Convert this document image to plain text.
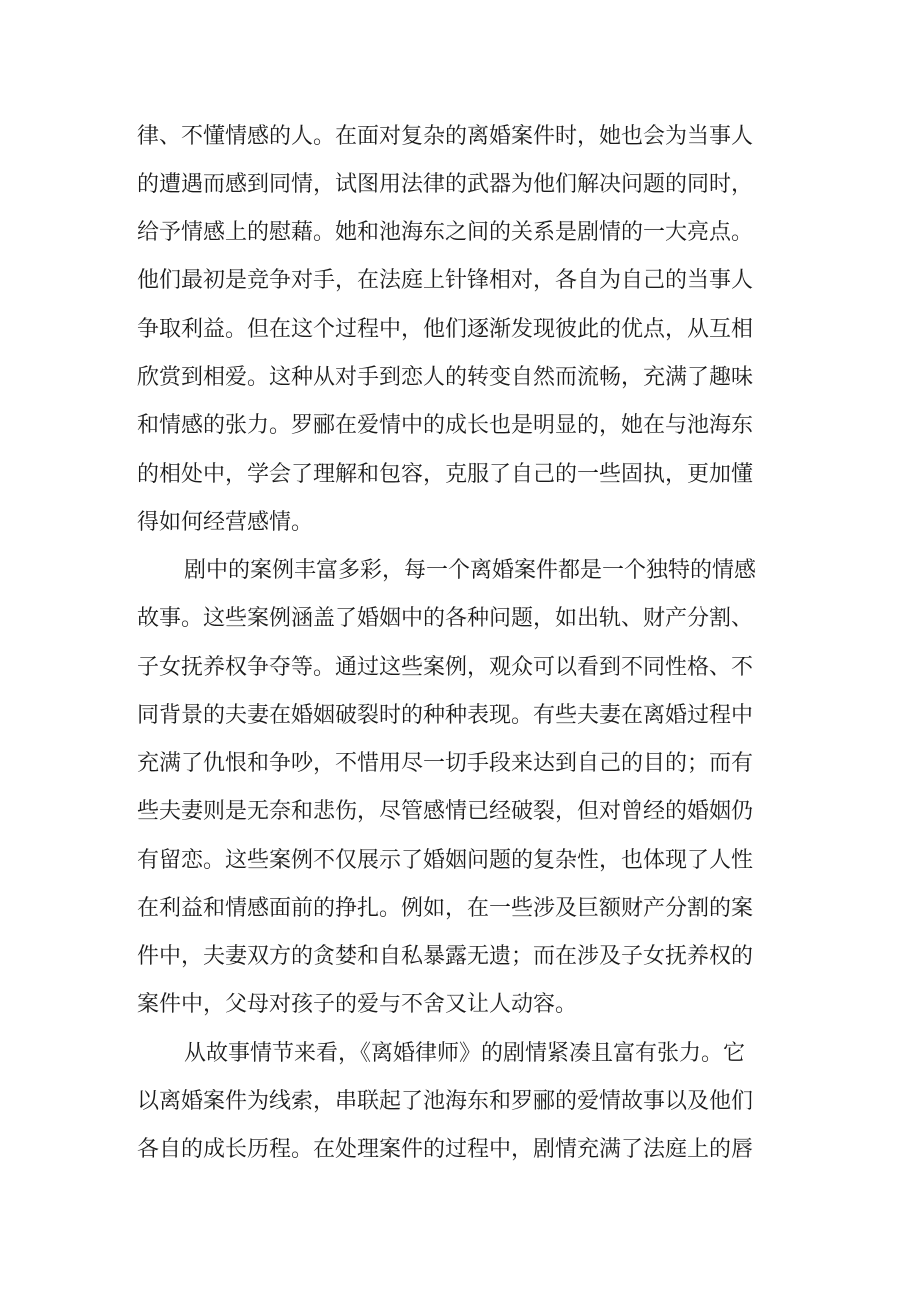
律、不懂情感的人。在面对复杂的离婚案件时，她也会为当事人
的遭遇而感到同情，试图用法律的武器为他们解决问题的同时，
给予情感上的慰藉。她和池海东之间的关系是剧情的一大亮点。
他们最初是竞争对手，在法庭上针锋相对，各自为自己的当事人
争取利益。但在这个过程中，他们逐渐发现彼此的优点，从互相
欣赏到相爱。这种从对手到恋人的转变自然而流畅，充满了趣味
和情感的张力。罗郦在爱情中的成长也是明显的，她在与池海东
的相处中，学会了理解和包容，克服了自己的一些固执，更加懂
得如何经营感情。
剧中的案例丰富多彩，每一个离婚案件都是一个独特的情感
故事。这些案例涵盖了婚姻中的各种问题，如出轨、财产分割、
子女抚养权争夺等。通过这些案例，观众可以看到不同性格、不
同背景的夫妻在婚姻破裂时的种种表现。有些夫妻在离婚过程中
充满了仇恨和争吵，不惜用尽一切手段来达到自己的目的；而有
些夫妻则是无奈和悲伤，尽管感情已经破裂，但对曾经的婚姻仍
有留恋。这些案例不仅展示了婚姻问题的复杂性，也体现了人性
在利益和情感面前的挣扎。例如，在一些涉及巨额财产分割的案
件中，夫妻双方的贪婪和自私暴露无遗；而在涉及子女抚养权的
案件中，父母对孩子的爱与不舍又让人动容。
从故事情节来看，《离婚律师》的剧情紧凑且富有张力。它
以离婚案件为线索，串联起了池海东和罗郦的爱情故事以及他们
各自的成长历程。在处理案件的过程中，剧情充满了法庭上的唇
